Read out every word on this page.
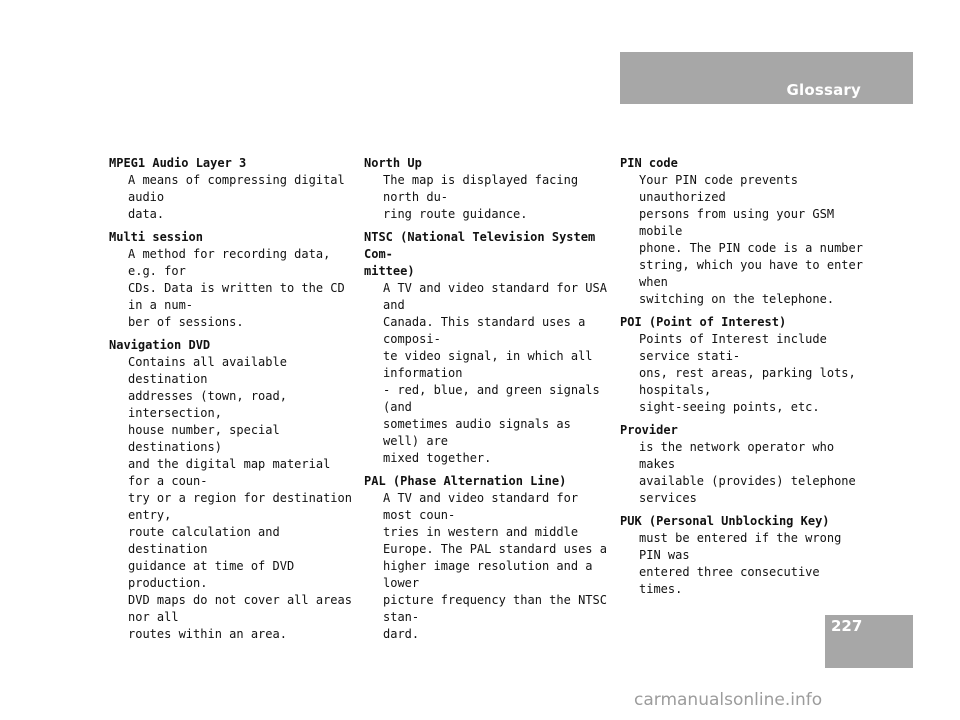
Glossary
MPEG1 Audio Layer 3
A means of compressing digital audio
data.
Multi session
A method for recording data, e.g. for
CDs. Data is written to the CD in a num-
ber of sessions.
Navigation DVD
Contains all available destination
addresses (town, road, intersection,
house number, special destinations)
and the digital map material for a coun-
try or a region for destination entry,
route calculation and destination
guidance at time of DVD production.
DVD maps do not cover all areas nor all
routes within an area.
North Up
The map is displayed facing north du-
ring route guidance.
NTSC (National Television System Com-
mittee)
A TV and video standard for USA and
Canada. This standard uses a composi-
te video signal, in which all information
- red, blue, and green signals (and
sometimes audio signals as well) are
mixed together.
PAL (Phase Alternation Line)
A TV and video standard for most coun-
tries in western and middle
Europe. The PAL standard uses a
higher image resolution and a lower
picture frequency than the NTSC stan-
dard.
PIN code
Your PIN code prevents unauthorized
persons from using your GSM mobile
phone. The PIN code is a number
string, which you have to enter when
switching on the telephone.
POI (Point of Interest)
Points of Interest include service stati-
ons, rest areas, parking lots, hospitals,
sight-seeing points, etc.
Provider
is the network operator who makes
available (provides) telephone services
PUK (Personal Unblocking Key)
must be entered if the wrong PIN was
entered three consecutive times.
227
carmanualsonline.info
